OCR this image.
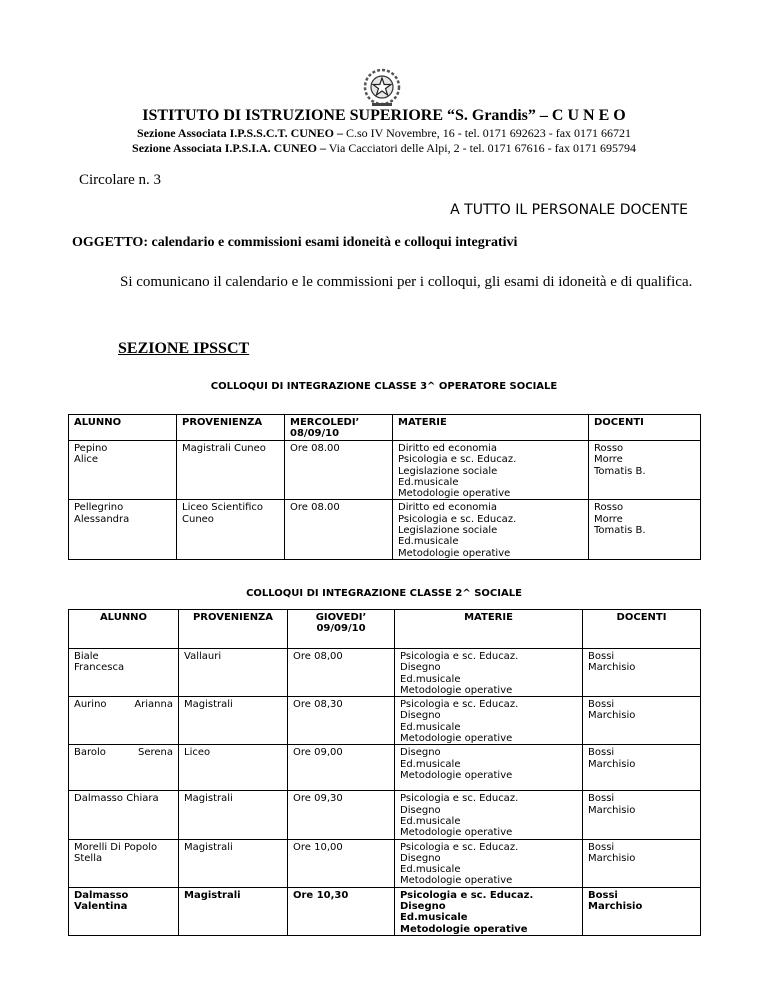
ISTITUTO DI ISTRUZIONE SUPERIORE “S. Grandis” – C U N E O
Sezione Associata I.P.S.S.C.T. CUNEO – C.so IV Novembre, 16 - tel. 0171 692623 - fax 0171 66721
Sezione Associata I.P.S.I.A. CUNEO – Via Cacciatori delle Alpi, 2 - tel. 0171 67616 - fax 0171 695794
Circolare n. 3
A TUTTO IL PERSONALE DOCENTE
OGGETTO: calendario e commissioni esami idoneità e colloqui integrativi

Si comunicano il calendario e le commissioni per i colloqui, gli esami di idoneità e di qualifica.

SEZIONE IPSSCT
COLLOQUI DI INTEGRAZIONE CLASSE 3^ OPERATORE SOCIALE
ALUNNO	PROVENIENZA	MERCOLEDI’ 08/09/10	MATERIE	DOCENTI

Pepino
Alice	Magistrali Cuneo	Ore 08.00	Diritto ed economia
Psicologia e sc. Educaz.
Legislazione sociale
Ed.musicale
Metodologie operative	Rosso
Morre
Tomatis B.

Pellegrino
Alessandra	Liceo Scientifico
Cuneo	Ore 08.00	Diritto ed economia
Psicologia e sc. Educaz.
Legislazione sociale
Ed.musicale
Metodologie operative	Rosso
Morre
Tomatis B.
COLLOQUI DI INTEGRAZIONE CLASSE 2^ SOCIALE
ALUNNO	PROVENIENZA	GIOVEDI’ 09/09/10	MATERIE	DOCENTI

Biale
Francesca	Vallauri	Ore 08,00	Psicologia e sc. Educaz.
Disegno
Ed.musicale
Metodologie operative	Bossi
Marchisio

Aurino Arianna	Magistrali	Ore 08,30	Psicologia e sc. Educaz.
Disegno
Ed.musicale
Metodologie operative	Bossi
Marchisio

Barolo Serena	Liceo	Ore 09,00	Disegno
Ed.musicale
Metodologie operative	Bossi
Marchisio

Dalmasso Chiara	Magistrali	Ore 09,30	Psicologia e sc. Educaz.
Disegno
Ed.musicale
Metodologie operative	Bossi
Marchisio

Morelli Di Popolo
Stella	Magistrali	Ore 10,00	Psicologia e sc. Educaz.
Disegno
Ed.musicale
Metodologie operative	Bossi
Marchisio

Dalmasso
Valentina	Magistrali	Ore 10,30	Psicologia e sc. Educaz.
Disegno
Ed.musicale
Metodologie operative	Bossi
Marchisio
